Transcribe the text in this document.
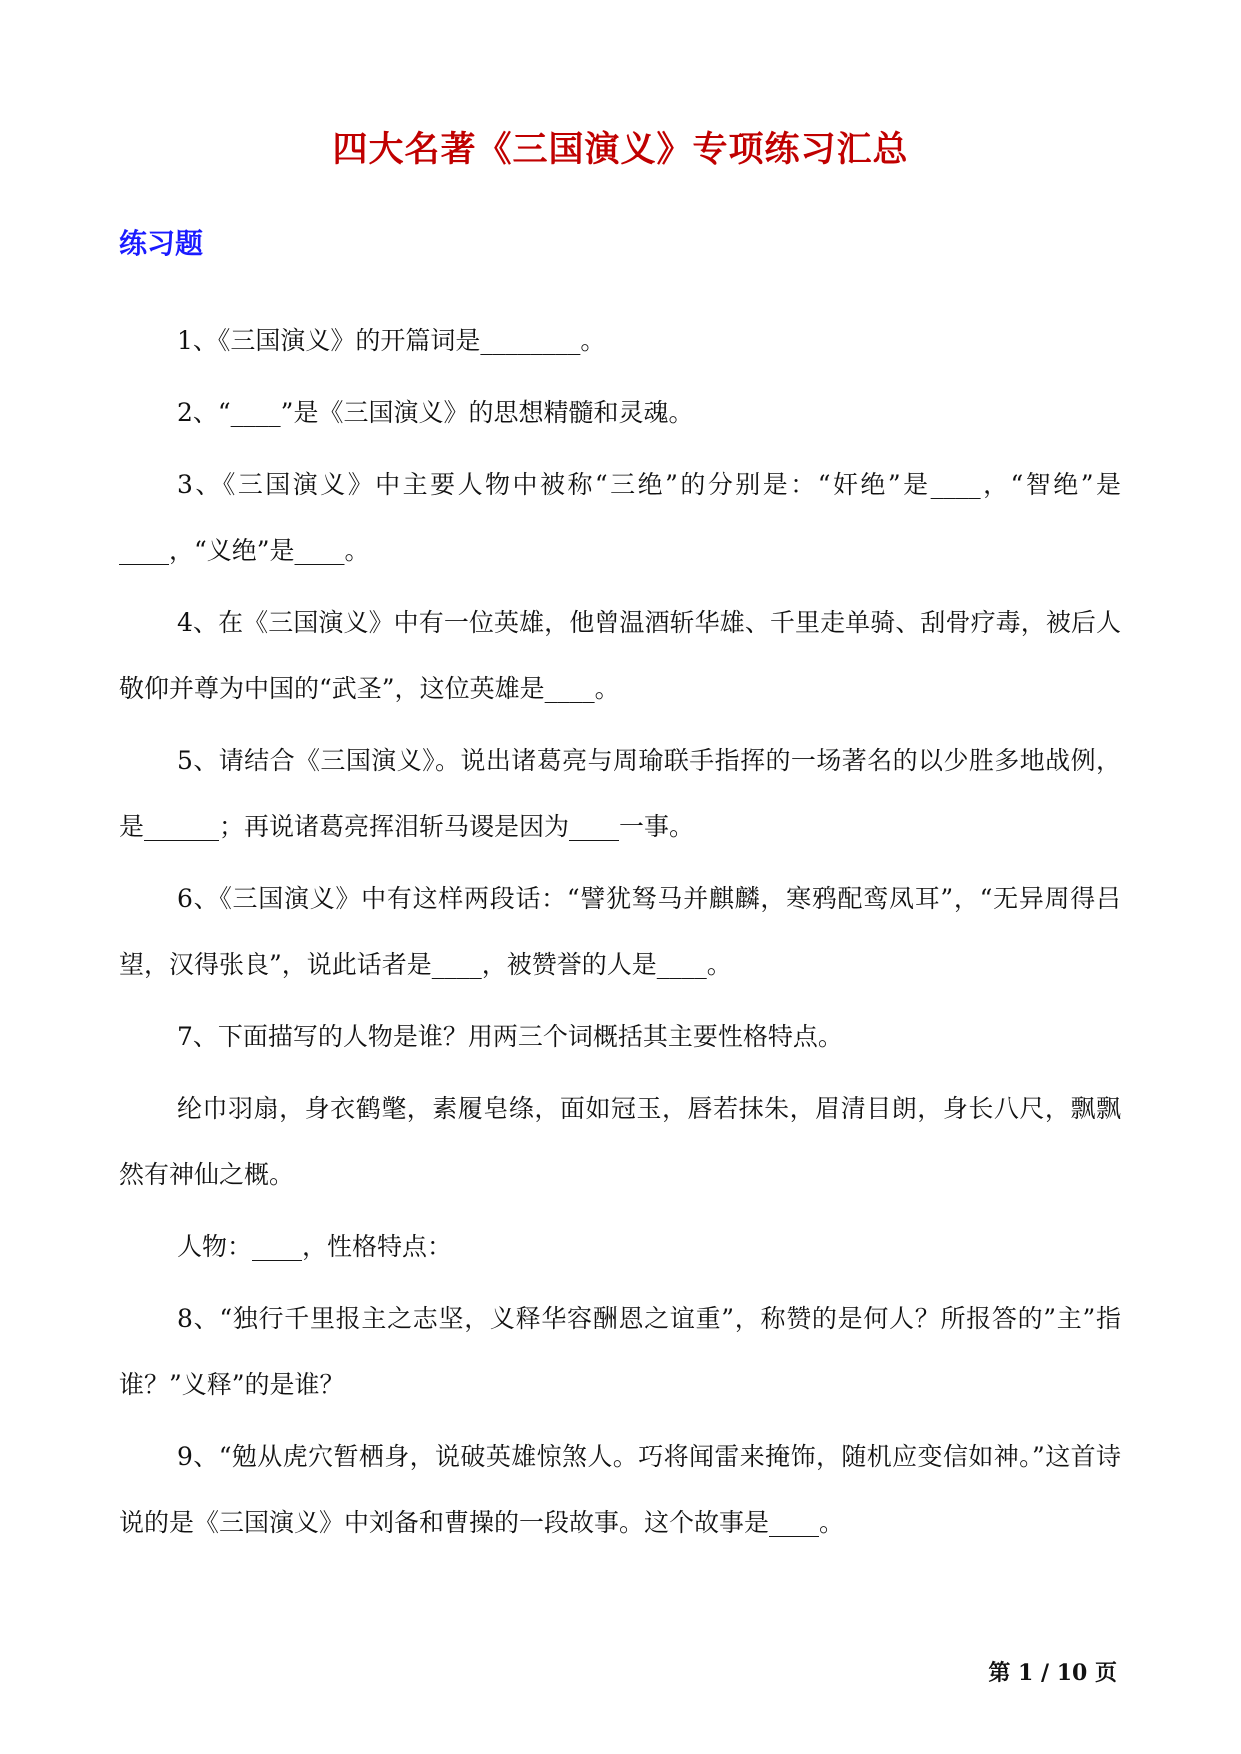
四大名著《三国演义》专项练习汇总
练习题

1、《三国演义》的开篇词是________。

2、“____”是《三国演义》的思想精髓和灵魂。

3、《三国演义》中主要人物中被称“三绝”的分别是：“奸绝”是____，“智绝”是____，“义绝”是____。

4、在《三国演义》中有一位英雄，他曾温酒斩华雄、千里走单骑、刮骨疗毒，被后人敬仰并尊为中国的“武圣”，这位英雄是____。

5、请结合《三国演义》。说出诸葛亮与周瑜联手指挥的一场著名的以少胜多地战例，是______；再说诸葛亮挥泪斩马谡是因为____一事。

6、《三国演义》中有这样两段话：“譬犹驽马并麒麟，寒鸦配鸾凤耳”，“无异周得吕望，汉得张良”，说此话者是____，被赞誉的人是____。

7、下面描写的人物是谁？用两三个词概括其主要性格特点。

纶巾羽扇，身衣鹤氅，素履皂绦，面如冠玉，唇若抹朱，眉清目朗，身长八尺，飘飘然有神仙之概。

人物：____，性格特点：

8、“独行千里报主之志坚，义释华容酬恩之谊重”，称赞的是何人？所报答的”主”指谁？”义释”的是谁？

9、“勉从虎穴暂栖身，说破英雄惊煞人。巧将闻雷来掩饰，随机应变信如神。”这首诗说的是《三国演义》中刘备和曹操的一段故事。这个故事是____。

第 1 / 10 页
